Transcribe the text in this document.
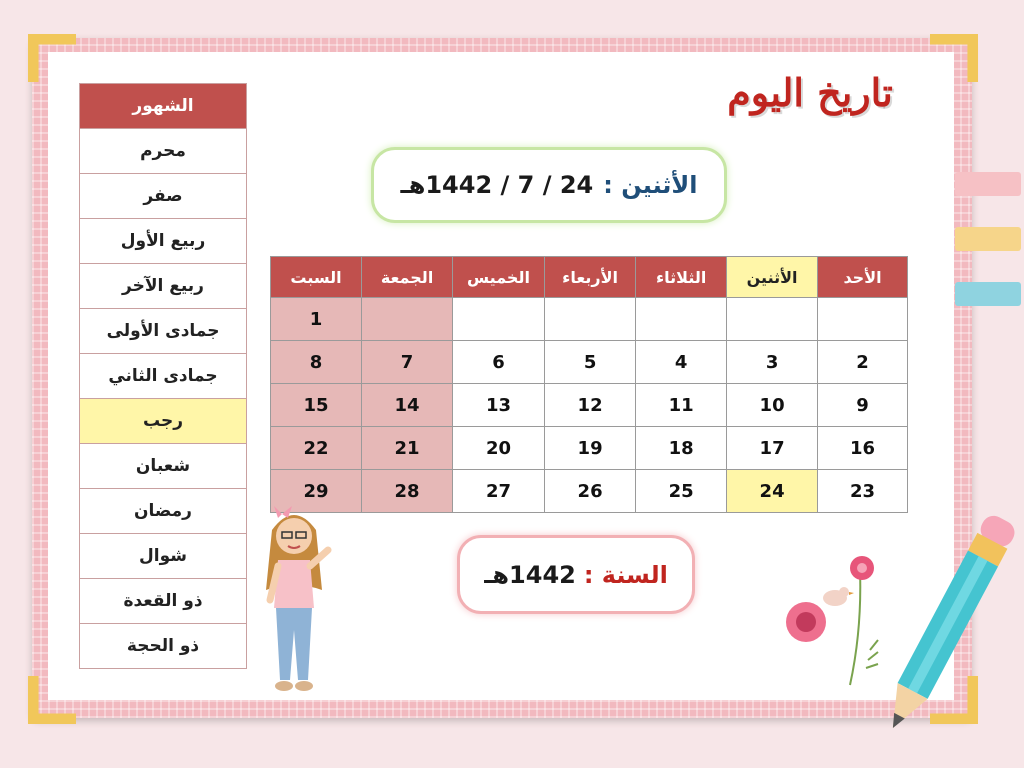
تاريخ اليوم
الأثنين :
24 / 7 / 1442هـ
الشهور
محرم
صفر
ربيع الأول
ربيع الآخر
جمادى الأولى
جمادى الثاني
رجب
شعبان
رمضان
شوال
ذو القعدة
ذو الحجة
الأحد	الأثنين	الثلاثاء	الأربعاء	الخميس	الجمعة	السبت
						1
2	3	4	5	6	7	8
9	10	11	12	13	14	15
16	17	18	19	20	21	22
23	24	25	26	27	28	29
السنة :
1442هـ
